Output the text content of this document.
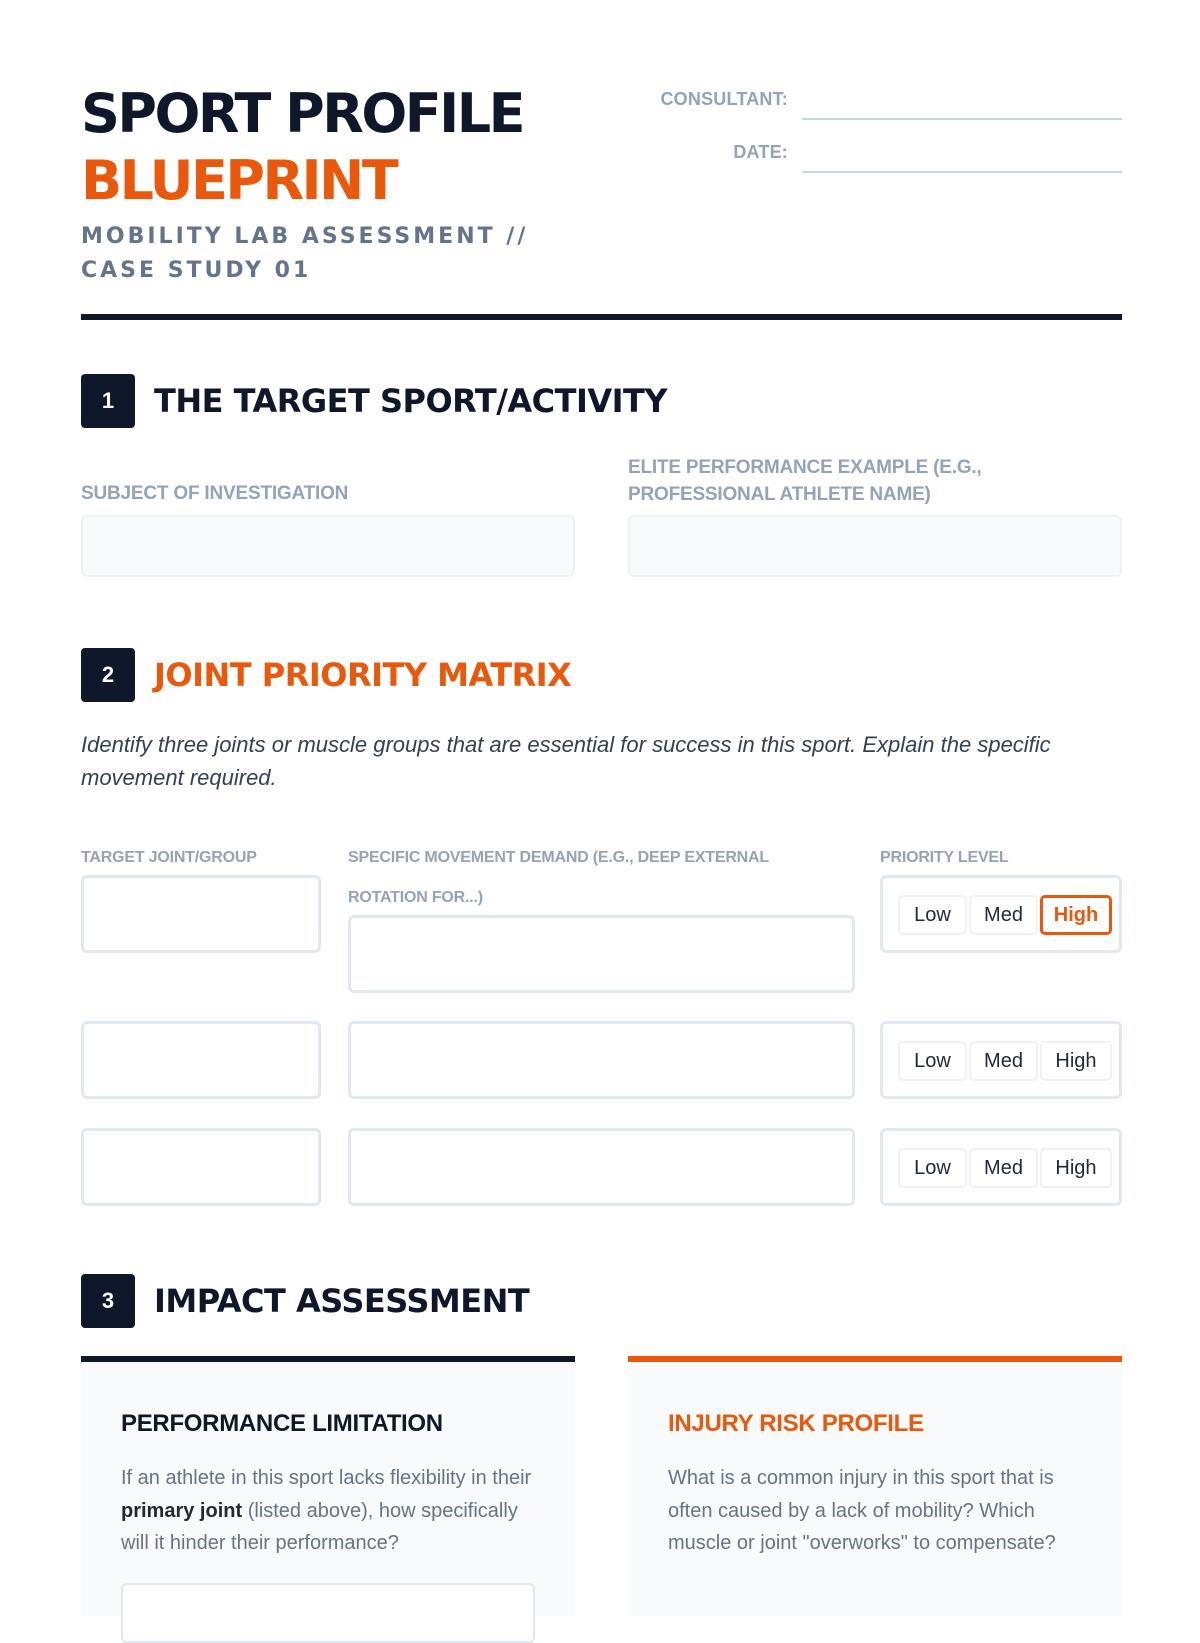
SPORT PROFILE
BLUEPRINT
MOBILITY LAB ASSESSMENT // CASE STUDY 01
CONSULTANT:
DATE:
1	THE TARGET SPORT/ACTIVITY
SUBJECT OF INVESTIGATION
ELITE PERFORMANCE EXAMPLE (E.G., PROFESSIONAL ATHLETE NAME)
2	JOINT PRIORITY MATRIX
Identify three joints or muscle groups that are essential for success in this sport. Explain the specific movement required.
TARGET JOINT/GROUP	SPECIFIC MOVEMENT DEMAND (E.G., DEEP EXTERNAL ROTATION FOR...)
PRIORITY LEVEL
Low	Med	High
Low	Med	High
Low	Med	High
3	IMPACT ASSESSMENT
PERFORMANCE LIMITATION
If an athlete in this sport lacks flexibility in their primary joint (listed above), how specifically will it hinder their performance?
INJURY RISK PROFILE
What is a common injury in this sport that is often caused by a lack of mobility? Which muscle or joint "overworks" to compensate?
